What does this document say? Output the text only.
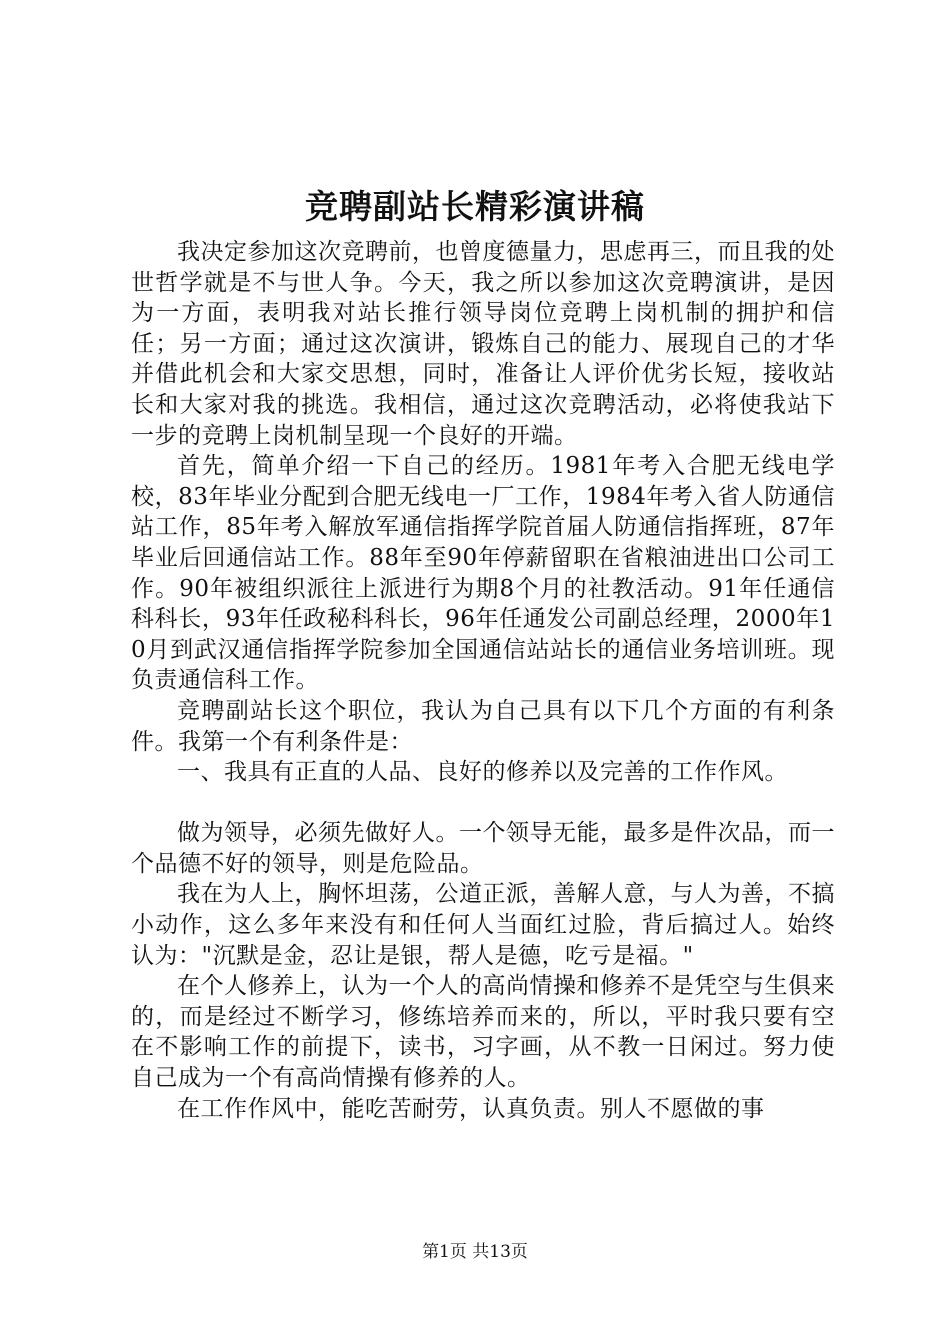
竞聘副站长精彩演讲稿

我决定参加这次竞聘前，也曾度德量力，思虑再三，而且我的处世哲学就是不与世人争。今天，我之所以参加这次竞聘演讲，是因为一方面，表明我对站长推行领导岗位竞聘上岗机制的拥护和信任；另一方面；通过这次演讲，锻炼自己的能力、展现自己的才华并借此机会和大家交思想，同时，准备让人评价优劣长短，接收站长和大家对我的挑选。我相信，通过这次竞聘活动，必将使我站下一步的竞聘上岗机制呈现一个良好的开端。

首先，简单介绍一下自己的经历。1981年考入合肥无线电学校，83年毕业分配到合肥无线电一厂工作，1984年考入省人防通信站工作，85年考入解放军通信指挥学院首届人防通信指挥班，87年毕业后回通信站工作。88年至90年停薪留职在省粮油进出口公司工作。90年被组织派往上派进行为期8个月的社教活动。91年任通信科科长，93年任政秘科科长，96年任通发公司副总经理，2000年10月到武汉通信指挥学院参加全国通信站站长的通信业务培训班。现负责通信科工作。

竞聘副站长这个职位，我认为自己具有以下几个方面的有利条件。我第一个有利条件是：

一、我具有正直的人品、良好的修养以及完善的工作作风。

做为领导，必须先做好人。一个领导无能，最多是件次品，而一个品德不好的领导，则是危险品。

我在为人上，胸怀坦荡，公道正派，善解人意，与人为善，不搞小动作，这么多年来没有和任何人当面红过脸，背后搞过人。始终认为："沉默是金，忍让是银，帮人是德，吃亏是福。"

在个人修养上，认为一个人的高尚情操和修养不是凭空与生俱来的，而是经过不断学习，修练培养而来的，所以，平时我只要有空在不影响工作的前提下，读书，习字画，从不教一日闲过。努力使自己成为一个有高尚情操有修养的人。

在工作作风中，能吃苦耐劳，认真负责。别人不愿做的事

第1页 共13页
